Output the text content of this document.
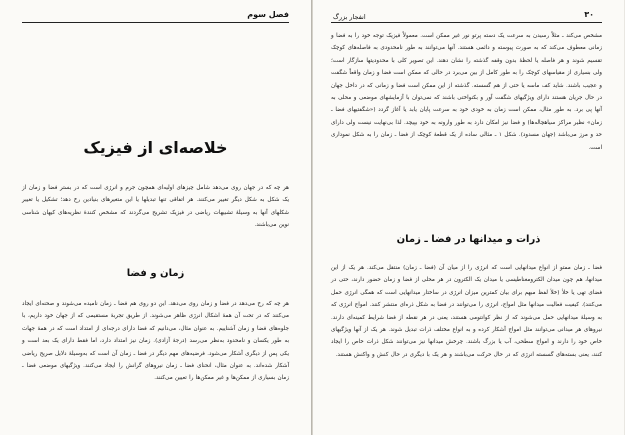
فصل سوم
خلاصه‌ای از فیزیک

هر چه که در جهان روی می‌دهد شامل چیزهای اولیه‌ای همچون جرم و انرژی است که در بستر فضا و زمان از یک شکل به شکل دیگر تغییر می‌کنند. هر اتفاقی تنها تبدیلها یا این متغیرهای بنیادین رخ دهد؛ تشکیل یا تغییر شکلهای آنها به وسیلهٔ تشبیهات ریاضی در فیزیک تشریح می‌گردند که مشخص کنندهٔ نظریه‌های کیهان شناسی نوین می‌باشند.

زمان و فضا

هر چه که رخ می‌دهد در فضا و زمان روی می‌دهد. این دو روی هم فضا ـ زمان نامیده می‌شوند و صحنه‌ای ایجاد می‌کنند که در تحت آن همهٔ اشکال انرژی ظاهر می‌شوند. از طریق تجربهٔ مستقیمی که از جهان خود داریم، با جلوه‌های فضا و زمان آشناییم. به عنوان مثال، می‌دانیم که فضا دارای درجه‌ای از امتداد است که در همهٔ جهات به طور یکسان و نامحدود به‌نظر می‌رسد (درجهٔ آزادی). زمان نیز امتداد دارد، اما فقط دارای یک بعد است و یکی پس از دیگری آشکار می‌شود. فرضیه‌های مهم دیگر در فضا ـ زمان آن است که به‌وسیلهٔ دلایل صریح ریاضی آشکار شده‌اند. به عنوان مثال، انحنای فضا ـ زمان نیروهای گرانش را ایجاد می‌کنند. ویژگیهای موضعی فضا ـ زمان بسیاری از ممکن‌ها و غیر ممکن‌ها را تعیین می‌کنند.

۳۰
انفجار بزرگ

مشخص می‌کند ـ مثلاً رسیدن به سرعت یک دسته پرتو نور غیر ممکن است. معمولاً فیزیک توجه خود را به فضا و زمانی معطوف می‌کند که به صورت پیوسته و دائمی هستند. آنها می‌توانند به طور نامحدودی به فاصله‌های کوچک تقسیم شوند و هر فاصله یا لحظهٔ بدون وقفه گذشته را نشان دهند. این تصویر کلی با محدودیتها سازگار است؛ ولی بسیاری از مقیاسهای کوچک را به طور کامل از بین می‌برد در حالی که ممکن است فضا و زمان واقعاً شگفت و عجیب باشند. شاید کف ماسه یا حتی از هم گسسته. گذشته از این ممکن است فضا و زمانی که در داخل جهان در حال جریان هستند دارای ویژگیهای شگفت آور و بکنواختی باشند که نمی‌توان با آزمایشهای موضعی و محلی به آنها پی برد. به طور مثال، ممکن است زمان به خودی خود به سرعت پایان یابد یا آغاز گردد («شگفتیهای فضا ـ زمان» نظیر مراکز سیاهچاله‌ها) و فضا نیز امکان دارد به طور وارونه به خود بپیچد. لذا بی‌نهایت نیست ولی دارای حد و مرز می‌باشد (جهان مسدود). شکل ۱ ـ مثالی ساده از یک قطعهٔ کوچک از فضا ـ زمان را به شکل نموداری است.

ذرات و میدانها در فضا ـ زمان

فضا ـ زمان ممتو از انواع میدانهایی است که انرژی را از میان آن (فضا ـ زمان) منتقل می‌کند. هر یک از این میدانها، هم چون میدان الکترومغناطیسی یا میدان یک الکترون در هر محلی از فضا و زمان حضور دارند، حتی در فضای تهی یا خلأ (خلأ لفظ مبهم برای بیان کمترین میزان انرژی در ساختار میدانهایی است که همگی انرژی حمل می‌کنند). کیفیت فعالیت میدانها مثل امواج، انرژی را می‌توانند در فضا به شکل ذره‌ای منتشر کنند. امواج انرژی که به وسیلهٔ میدانهایی حمل می‌شوند که از نظر کوانتومی هستند، یعنی در هر نقطه از فضا شرایط کمینه‌ای دارند. نیروهای هر میدانی می‌توانند مثل امواج آشکار کرده و به انواع مختلف ذرات تبدیل شوند. هر یک از آنها ویژگیهای خاص خود را دارند و امواج سطحی، آب یا بزرگ باشند. چرخش میدانها نیز می‌توانند شکل ذرات خاص را ایجاد کنند، یعنی بسته‌های گسسته انرژی که در حال حرکت می‌باشند و هر یک با دیگری در حال کنش و واکنش هستند.
